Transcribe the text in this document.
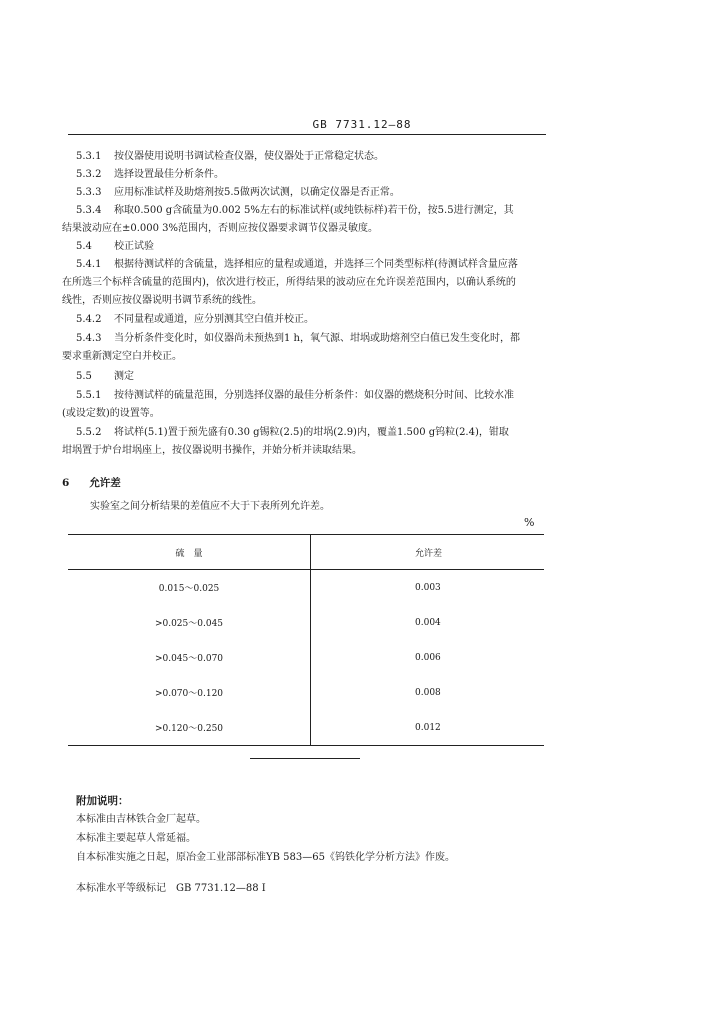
GB 7731.12—88
5.3.1 按仪器使用说明书调试检查仪器，使仪器处于正常稳定状态。
5.3.2 选择设置最佳分析条件。
5.3.3 应用标准试样及助熔剂按5.5做两次试测，以确定仪器是否正常。
5.3.4 称取0.500 g含硫量为0.002 5%左右的标准试样(或纯铁标样)若干份，按5.5进行测定，其
结果波动应在±0.000 3%范围内，否则应按仪器要求调节仪器灵敏度。
5.4 校正试验
5.4.1 根据待测试样的含硫量，选择相应的量程或通道，并选择三个同类型标样(待测试样含量应落
在所选三个标样含硫量的范围内)，依次进行校正，所得结果的波动应在允许误差范围内，以确认系统的
线性，否则应按仪器说明书调节系统的线性。
5.4.2 不同量程或通道，应分别测其空白值并校正。
5.4.3 当分析条件变化时，如仪器尚未预热到1 h，氧气源、坩埚或助熔剂空白值已发生变化时，都
要求重新测定空白并校正。
5.5 测定
5.5.1 按待测试样的硫量范围，分别选择仪器的最佳分析条件：如仪器的燃烧积分时间、比较水准
(或设定数)的设置等。
5.5.2 将试样(5.1)置于预先盛有0.30 g锡粒(2.5)的坩埚(2.9)内，覆盖1.500 g钨粒(2.4)，钳取
坩埚置于炉台坩埚座上，按仪器说明书操作，并始分析并读取结果。
6 允许差
实验室之间分析结果的差值应不大于下表所列允许差。
%
硫　量	允许差
0.015～0.025	0.003
>0.025～0.045	0.004
>0.045～0.070	0.006
>0.070～0.120	0.008
>0.120～0.250	0.012
附加说明：
本标准由吉林铁合金厂起草。
本标准主要起草人常延福。
自本标准实施之日起，原冶金工业部部标准YB 583—65《钨铁化学分析方法》作废。
本标准水平等级标记　GB 7731.12—88 Ⅰ
